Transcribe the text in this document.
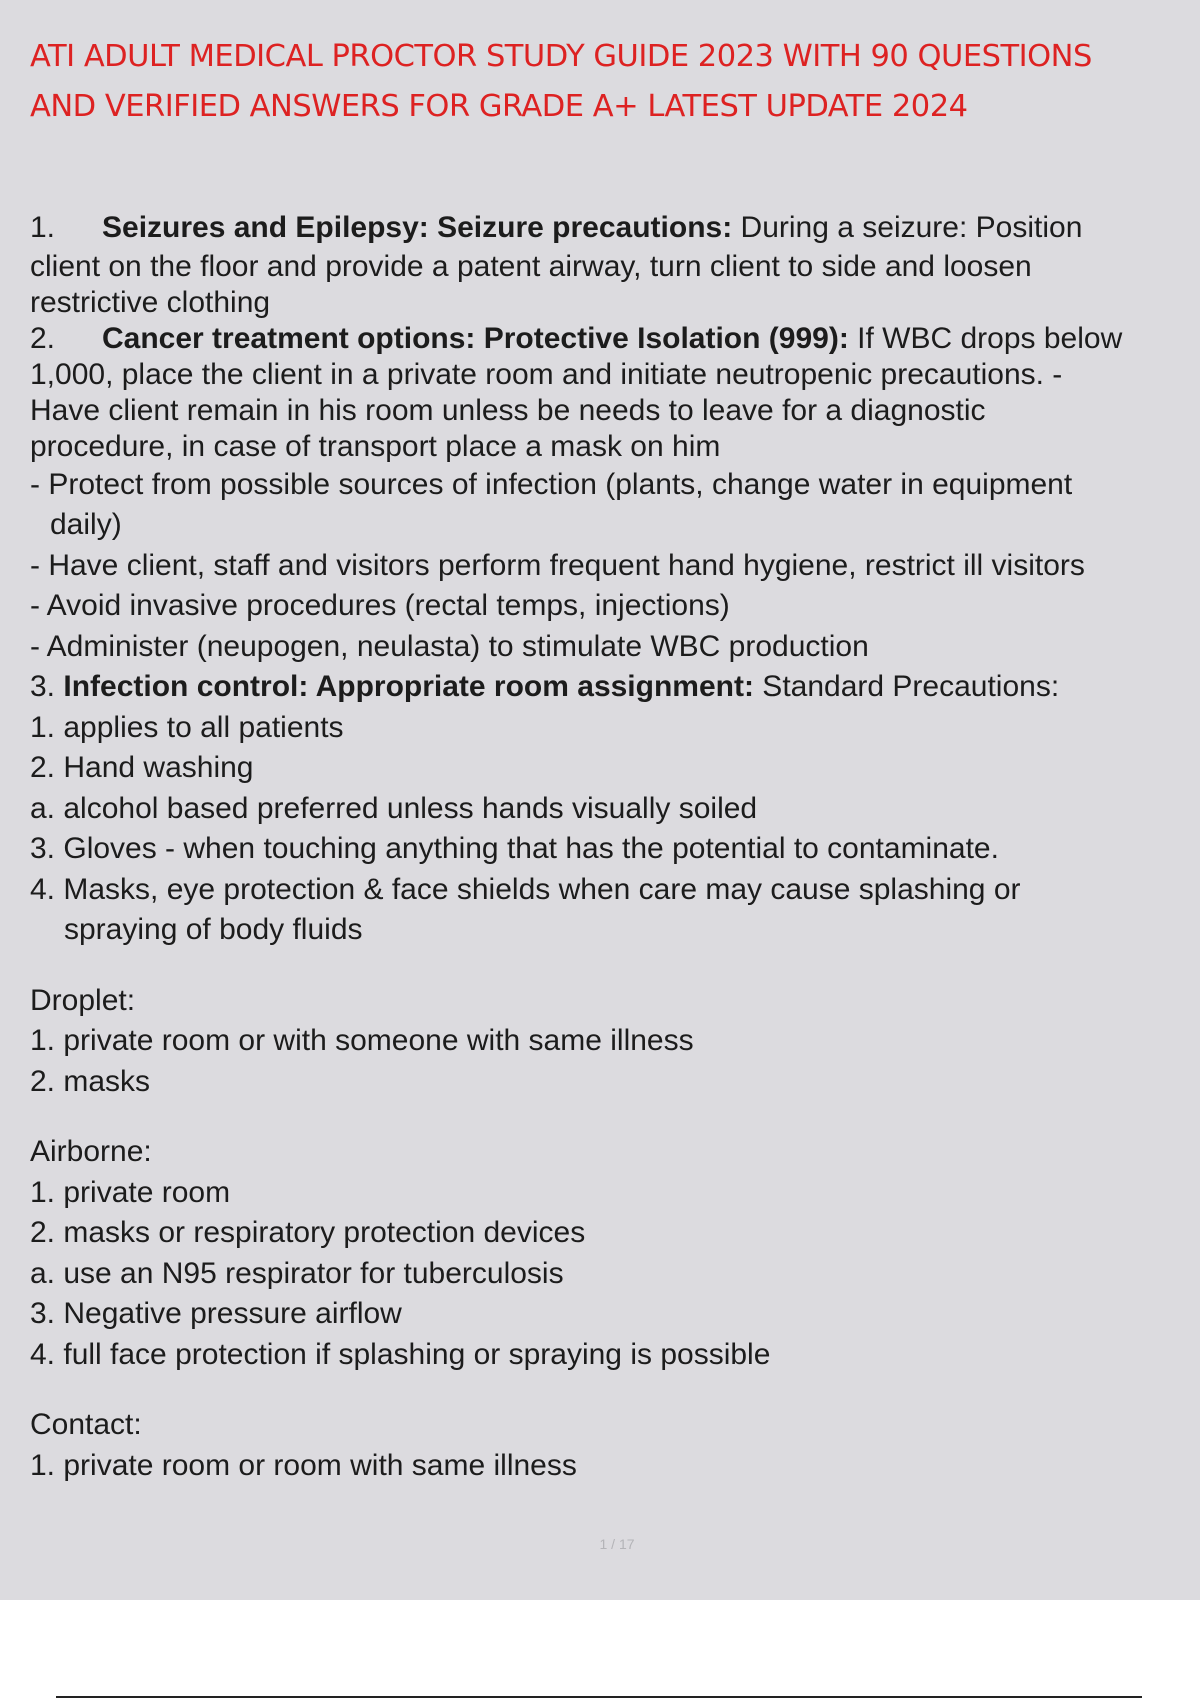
ATI ADULT MEDICAL PROCTOR STUDY GUIDE 2023 WITH 90 QUESTIONS
AND VERIFIED ANSWERS FOR GRADE A+ LATEST UPDATE 2024
1. Seizures and Epilepsy: Seizure precautions: During a seizure: Position
client on the floor and provide a patent airway, turn client to side and loosen
restrictive clothing
2. Cancer treatment options: Protective Isolation (999): If WBC drops below
1,000, place the client in a private room and initiate neutropenic precautions. -
Have client remain in his room unless be needs to leave for a diagnostic
procedure, in case of transport place a mask on him
- Protect from possible sources of infection (plants, change water in equipment
daily)
- Have client, staff and visitors perform frequent hand hygiene, restrict ill visitors
- Avoid invasive procedures (rectal temps, injections)
- Administer (neupogen, neulasta) to stimulate WBC production
3. Infection control: Appropriate room assignment: Standard Precautions:
1. applies to all patients
2. Hand washing
a. alcohol based preferred unless hands visually soiled
3. Gloves - when touching anything that has the potential to contaminate.
4. Masks, eye protection & face shields when care may cause splashing or
spraying of body fluids
Droplet:
1. private room or with someone with same illness
2. masks
Airborne:
1. private room
2. masks or respiratory protection devices
a. use an N95 respirator for tuberculosis
3. Negative pressure airflow
4. full face protection if splashing or spraying is possible
Contact:
1. private room or room with same illness
1 / 17
